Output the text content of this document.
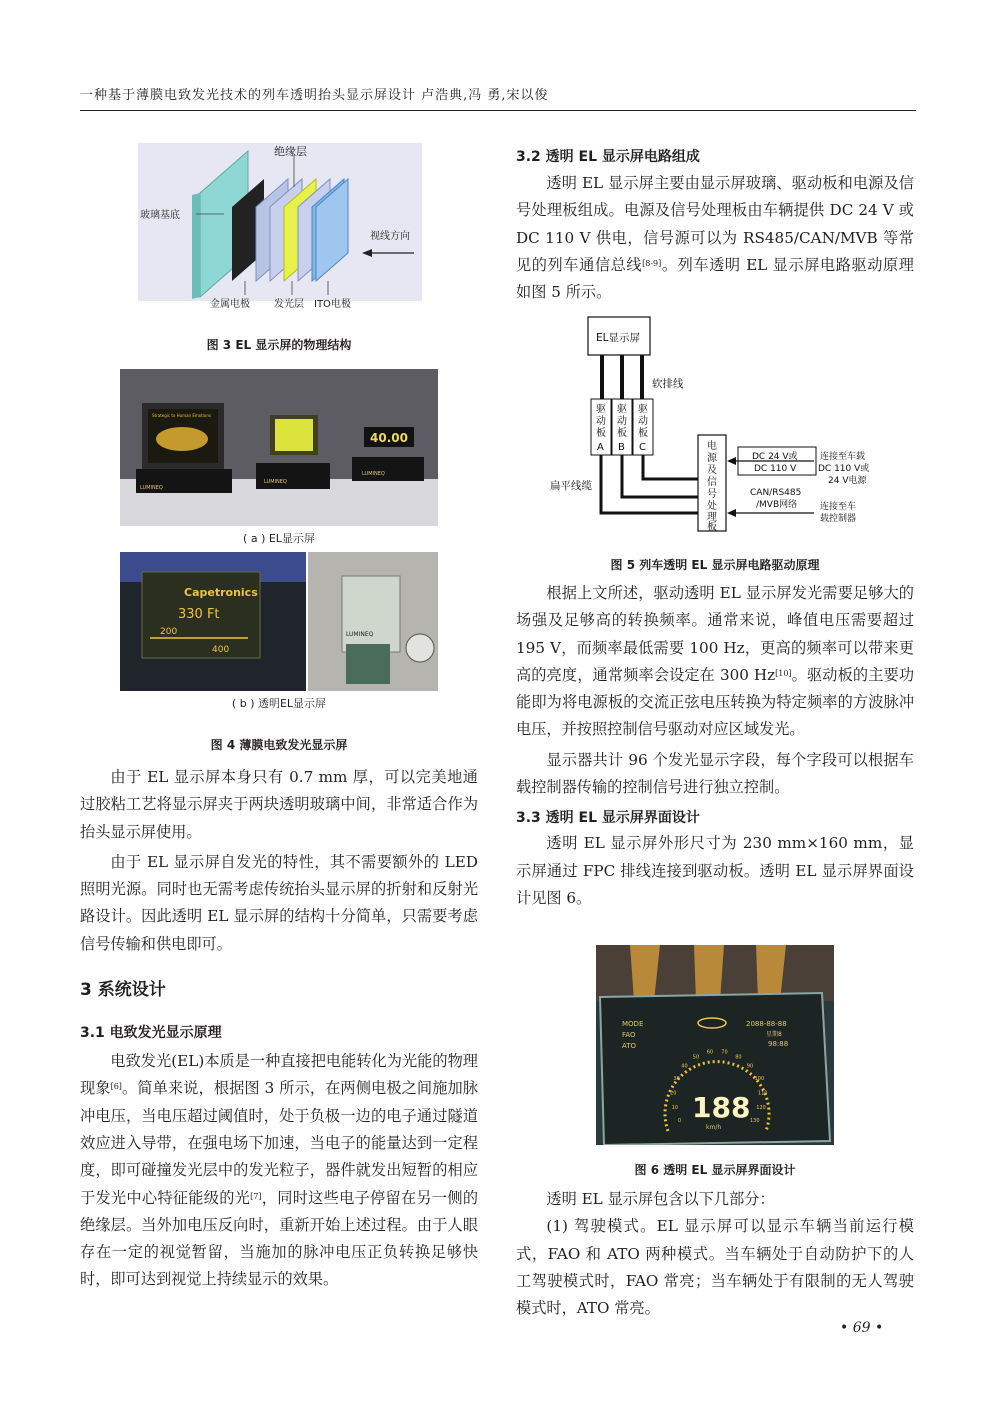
一种基于薄膜电致发光技术的列车透明抬头显示屏设计 卢浩典,冯 勇,宋以俊
绝缘层
玻璃基底
视线方向
金属电极 发光层 ITO电极
图 3 EL 显示屏的物理结构
Strategic to Human Emotions
LUMINEQ
LUMINEQ
40.00
LUMINEQ
( a ) EL显示屏
Capetronics
330 Ft
200
400
LUMINEQ
( b ) 透明EL显示屏
图 4 薄膜电致发光显示屏

由于 EL 显示屏本身只有 0.7 mm 厚，可以完美地通过胶粘工艺将显示屏夹于两块透明玻璃中间，非常适合作为抬头显示屏使用。

由于 EL 显示屏自发光的特性，其不需要额外的 LED 照明光源。同时也无需考虑传统抬头显示屏的折射和反射光路设计。因此透明 EL 显示屏的结构十分简单，只需要考虑信号传输和供电即可。

3 系统设计
3.1 电致发光显示原理

电致发光(EL)本质是一种直接把电能转化为光能的物理现象[6]。简单来说，根据图 3 所示，在两侧电极之间施加脉冲电压，当电压超过阈值时，处于负极一边的电子通过隧道效应进入导带，在强电场下加速，当电子的能量达到一定程度，即可碰撞发光层中的发光粒子，器件就发出短暂的相应于发光中心特征能级的光[7]，同时这些电子停留在另一侧的绝缘层。当外加电压反向时，重新开始上述过程。由于人眼存在一定的视觉暂留，当施加的脉冲电压正负转换足够快时，即可达到视觉上持续显示的效果。

3.2 透明 EL 显示屏电路组成

透明 EL 显示屏主要由显示屏玻璃、驱动板和电源及信号处理板组成。电源及信号处理板由车辆提供 DC 24 V 或 DC 110 V 供电，信号源可以为 RS485/CAN/MVB 等常见的列车通信总线[8-9]。列车透明 EL 显示屏电路驱动原理如图 5 所示。

EL显示屏
软排线
驱
动
板
A
驱
动
板
B
驱
动
板
C
扁平线缆
电
源
及
信
号
处
理
板
DC 24 V或
DC 110 V
CAN/RS485
/MVB网络
连接至车载
DC 110 V或
24 V电源
连接至车
载控制器
图 5 列车透明 EL 显示屏电路驱动原理

根据上文所述，驱动透明 EL 显示屏发光需要足够大的场强及足够高的转换频率。通常来说，峰值电压需要超过 195 V，而频率最低需要 100 Hz，更高的频率可以带来更高的亮度，通常频率会设定在 300 Hz[10]。驱动板的主要功能即为将电源板的交流正弦电压转换为特定频率的方波脉冲电压，并按照控制信号驱动对应区域发光。

显示器共计 96 个发光显示字段，每个字段可以根据车载控制器传输的控制信号进行独立控制。

3.3 透明 EL 显示屏界面设计

透明 EL 显示屏外形尺寸为 230 mm×160 mm，显示屏通过 FPC 排线连接到驱动板。透明 EL 显示屏界面设计见图 6。

MODE
FAO
ATO
2088-88-88
星期8
98:88
0
10
20
30
40
50
60 70
80
90
100
110
120
130
188
km/h
图 6 透明 EL 显示屏界面设计

透明 EL 显示屏包含以下几部分：

(1) 驾驶模式。EL 显示屏可以显示车辆当前运行模式，FAO 和 ATO 两种模式。当车辆处于自动防护下的人工驾驶模式时，FAO 常亮；当车辆处于有限制的无人驾驶模式时，ATO 常亮。

• 69 •
